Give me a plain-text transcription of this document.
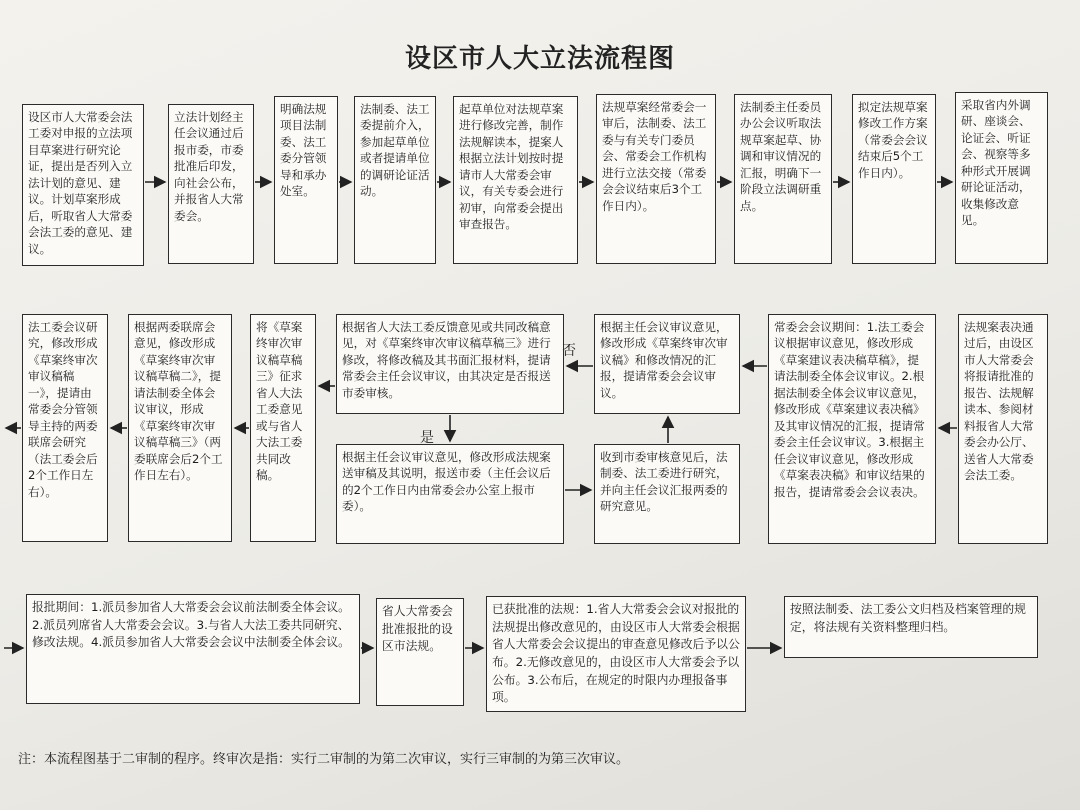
设区市人大立法流程图
设区市人大常委会法工委对申报的立法项目草案进行研究论证，提出是否列入立法计划的意见、建议。计划草案形成后，听取省人大常委会法工委的意见、建议。
立法计划经主任会议通过后报市委，市委批准后印发，向社会公布，并报省人大常委会。
明确法规项目法制委、法工委分管领导和承办处室。
法制委、法工委提前介入，参加起草单位或者提请单位的调研论证活动。
起草单位对法规草案进行修改完善，制作法规解读本，提案人根据立法计划按时提请市人大常委会审议，有关专委会进行初审，向常委会提出审查报告。
法规草案经常委会一审后，法制委、法工委与有关专门委员会、常委会工作机构进行立法交接（常委会会议结束后3个工作日内）。
法制委主任委员办公会议听取法规草案起草、协调和审议情况的汇报，明确下一阶段立法调研重点。
拟定法规草案修改工作方案（常委会会议结束后5个工作日内）。
采取省内外调研、座谈会、论证会、听证会、视察等多种形式开展调研论证活动，收集修改意见。
法工委会议研究，修改形成《草案终审次审议稿稿一》，提请由常委会分管领导主持的两委联席会研究（法工委会后2个工作日左右）。
根据两委联席会意见，修改形成《草案终审次审议稿草稿二》，提请法制委全体会议审议，形成《草案终审次审议稿草稿三》（两委联席会后2个工作日左右）。
将《草案终审次审议稿草稿三》征求省人大法工委意见或与省人大法工委共同改稿。
根据省人大法工委反馈意见或共同改稿意见，对《草案终审次审议稿草稿三》进行修改，将修改稿及其书面汇报材料，提请常委会主任会议审议，由其决定是否报送市委审核。
根据主任会议审议意见，修改形成法规案送审稿及其说明，报送市委（主任会议后的2个工作日内由常委会办公室上报市委）。
根据主任会议审议意见，修改形成《草案终审次审议稿》和修改情况的汇报，提请常委会会议审议。
收到市委审核意见后，法制委、法工委进行研究，并向主任会议汇报两委的研究意见。
常委会会议期间：1.法工委会议根据审议意见，修改形成《草案建议表决稿草稿》，提请法制委全体会议审议。2.根据法制委全体会议审议意见，修改形成《草案建议表决稿》及其审议情况的汇报，提请常委会主任会议审议。3.根据主任会议审议意见，修改形成《草案表决稿》和审议结果的报告，提请常委会会议表决。
法规案表决通过后，由设区市人大常委会将报请批准的报告、法规解读本、参阅材料报省人大常委会办公厅、送省人大常委会法工委。
报批期间：1.派员参加省人大常委会会议前法制委全体会议。2.派员列席省人大常委会会议。3.与省人大法工委共同研究、修改法规。4.派员参加省人大常委会会议中法制委全体会议。
省人大常委会批准报批的设区市法规。
已获批准的法规：1.省人大常委会会议对报批的法规提出修改意见的，由设区市人大常委会根据省人大常委会会议提出的审查意见修改后予以公布。2.无修改意见的，由设区市人大常委会予以公布。3.公布后，在规定的时限内办理报备事项。
按照法制委、法工委公文归档及档案管理的规定，将法规有关资料整理归档。
否
是
注：本流程图基于二审制的程序。终审次是指：实行二审制的为第二次审议，实行三审制的为第三次审议。
